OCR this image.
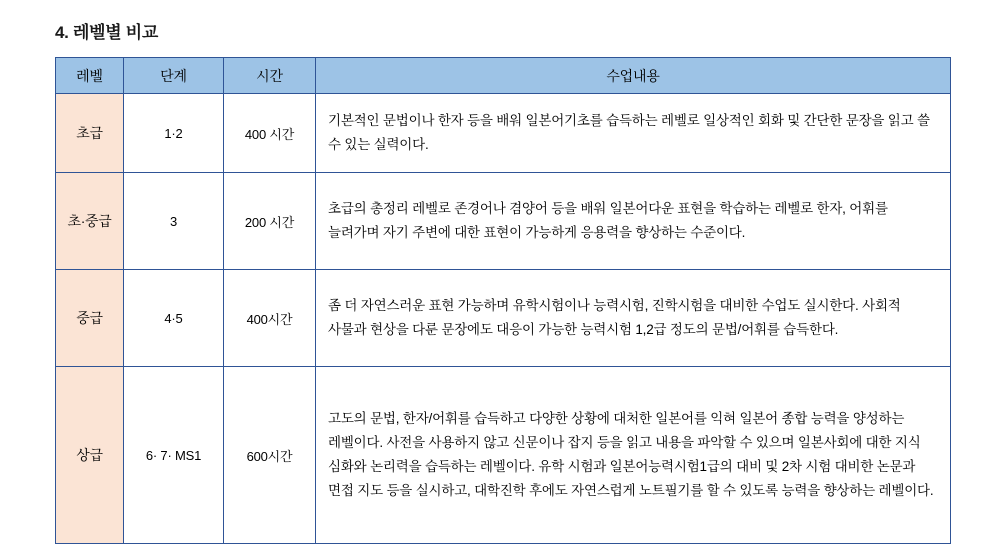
4. 레벨별 비교
레벨	단계	시간	수업내용
초급	1·2	400 시간	기본적인 문법이나 한자 등을 배워 일본어기초를 습득하는 레벨로 일상적인 회화 및 간단한 문장을 읽고 쓸 수 있는 실력이다.
초·중급	3	200 시간	초급의 총정리 레벨로 존경어나 겸양어 등을 배워 일본어다운 표현을 학습하는 레벨로 한자, 어휘를 늘려가며 자기 주변에 대한 표현이 가능하게 응용력을 향상하는 수준이다.
중급	4·5	400시간	좀 더 자연스러운 표현 가능하며 유학시험이나 능력시험, 진학시험을 대비한 수업도 실시한다. 사회적 사물과 현상을 다룬 문장에도 대응이 가능한 능력시험 1,2급 정도의 문법/어휘를 습득한다.
상급	6· 7· MS1	600시간	고도의 문법, 한자/어휘를 습득하고 다양한 상황에 대처한 일본어를 익혀 일본어 종합 능력을 양성하는 레벨이다. 사전을 사용하지 않고 신문이나 잡지 등을 읽고 내용을 파악할 수 있으며 일본사회에 대한 지식 심화와 논리력을 습득하는 레벨이다. 유학 시험과 일본어능력시험1급의 대비 및 2차 시험 대비한 논문과 면접 지도 등을 실시하고, 대학진학 후에도 자연스럽게 노트필기를 할 수 있도록 능력을 향상하는 레벨이다.
